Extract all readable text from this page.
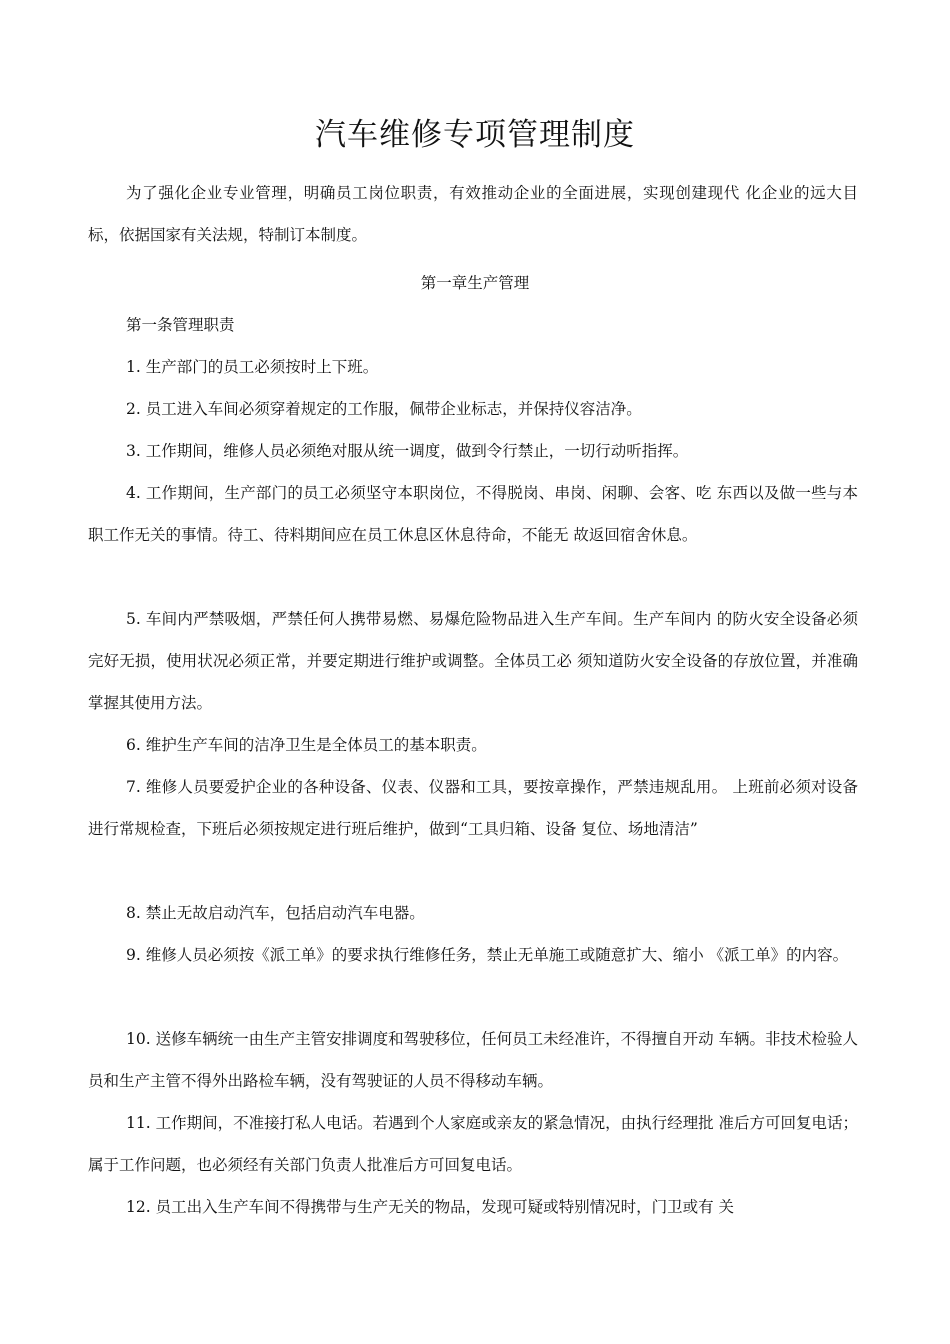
汽车维修专项管理制度
为了强化企业专业管理，明确员工岗位职责，有效推动企业的全面进展，实现创建现代 化企业的远大目标，依据国家有关法规，特制订本制度。
第一章生产管理
第一条管理职责
1. 生产部门的员工必须按时上下班。
2. 员工进入车间必须穿着规定的工作服，佩带企业标志，并保持仪容洁净。
3. 工作期间，维修人员必须绝对服从统一调度，做到令行禁止，一切行动听指挥。
4. 工作期间，生产部门的员工必须坚守本职岗位，不得脱岗、串岗、闲聊、会客、吃 东西以及做一些与本职工作无关的事情。待工、待料期间应在员工休息区休息待命，不能无 故返回宿舍休息。
5. 车间内严禁吸烟，严禁任何人携带易燃、易爆危险物品进入生产车间。生产车间内 的防火安全设备必须完好无损，使用状况必须正常，并要定期进行维护或调整。全体员工必 须知道防火安全设备的存放位置，并准确掌握其使用方法。
6. 维护生产车间的洁净卫生是全体员工的基本职责。
7. 维修人员要爱护企业的各种设备、仪表、仪器和工具，要按章操作，严禁违规乱用。 上班前必须对设备进行常规检查，下班后必须按规定进行班后维护，做到“工具归箱、设备 复位、场地清洁”
8. 禁止无故启动汽车，包括启动汽车电器。
9. 维修人员必须按《派工单》的要求执行维修任务，禁止无单施工或随意扩大、缩小 《派工单》的内容。
10. 送修车辆统一由生产主管安排调度和驾驶移位，任何员工未经准许，不得擅自开动 车辆。非技术检验人员和生产主管不得外出路检车辆，没有驾驶证的人员不得移动车辆。
11. 工作期间，不准接打私人电话。若遇到个人家庭或亲友的紧急情况，由执行经理批 准后方可回复电话；属于工作问题，也必须经有关部门负责人批准后方可回复电话。
12. 员工出入生产车间不得携带与生产无关的物品，发现可疑或特别情况时，门卫或有 关
